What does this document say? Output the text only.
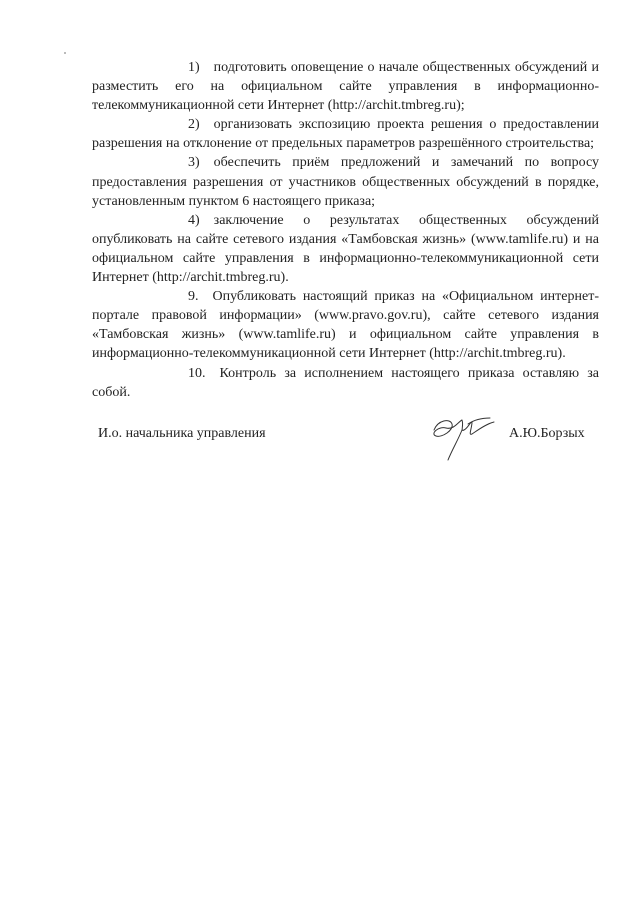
1) подготовить оповещение о начале общественных обсуждений и разместить его на официальном сайте управления в информационно-телекоммуникационной сети Интернет (http://archit.tmbreg.ru);

2) организовать экспозицию проекта решения о предоставлении разрешения на отклонение от предельных параметров разрешённого строительства;

3) обеспечить приём предложений и замечаний по вопросу предоставления разрешения от участников общественных обсуждений в порядке, установленным пунктом 6 настоящего приказа;

4) заключение о результатах общественных обсуждений опубликовать на сайте сетевого издания «Тамбовская жизнь» (www.tamlife.ru) и на официальном сайте управления в информационно-телекоммуникационной сети Интернет (http://archit.tmbreg.ru).

9. Опубликовать настоящий приказ на «Официальном интернет-портале правовой информации» (www.pravo.gov.ru), сайте сетевого издания «Тамбовская жизнь» (www.tamlife.ru) и официальном сайте управления в информационно-телекоммуникационной сети Интернет (http://archit.tmbreg.ru).

10. Контроль за исполнением настоящего приказа оставляю за собой.

И.о. начальника управления	А.Ю.Борзых
